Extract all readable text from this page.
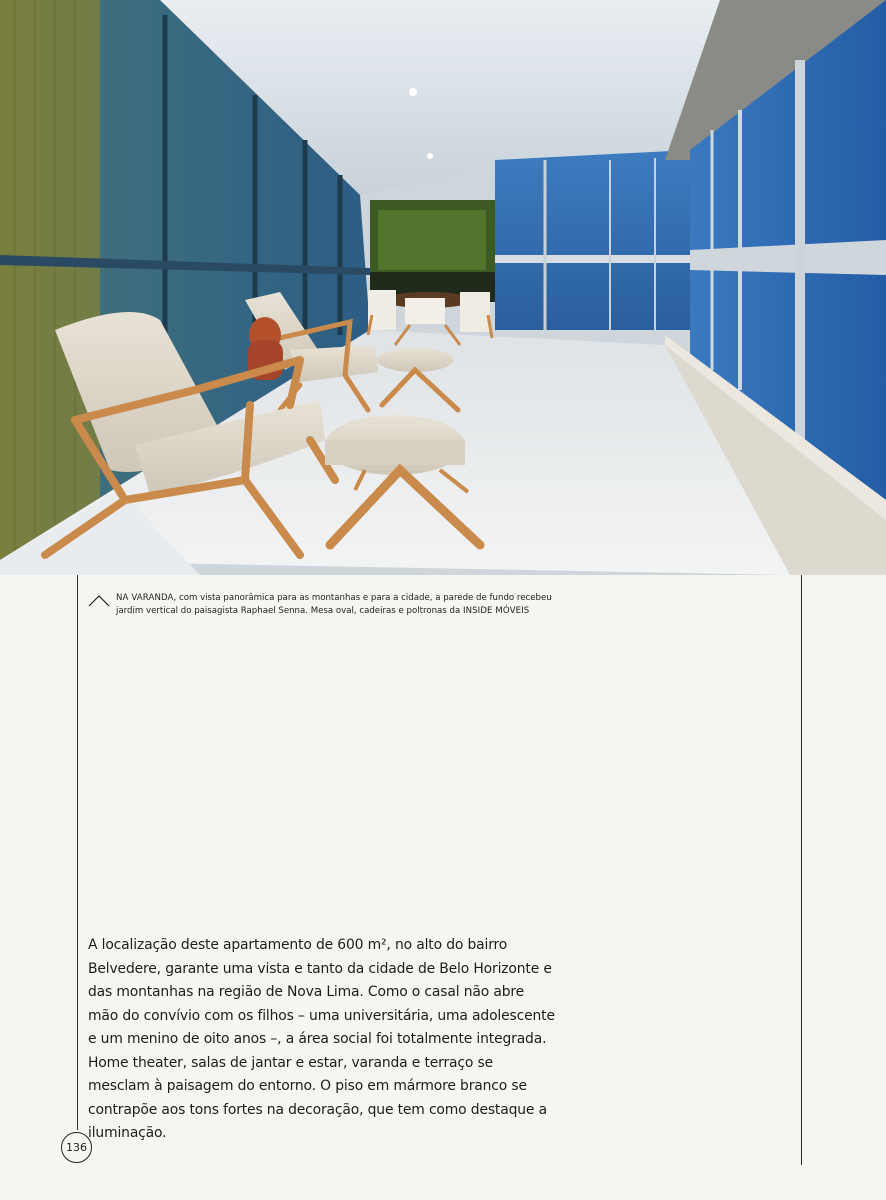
NA VARANDA, com vista panorâmica para as montanhas e para a cidade, a parede de fundo recebeu
jardim vertical do paisagista Raphael Senna. Mesa oval, cadeiras e poltronas da INSIDE MÓVEIS

A localização deste apartamento de 600 m², no alto do bairro Belvedere, garante uma vista e tanto da cidade de Belo Horizonte e das montanhas na região de Nova Lima. Como o casal não abre mão do convívio com os filhos – uma universitária, uma adolescente e um menino de oito anos –, a área social foi totalmente integrada. Home theater, salas de jantar e estar, varanda e terraço se mesclam à paisagem do entorno. O piso em mármore branco se contrapõe aos tons fortes na decoração, que tem como destaque a iluminação.

136
